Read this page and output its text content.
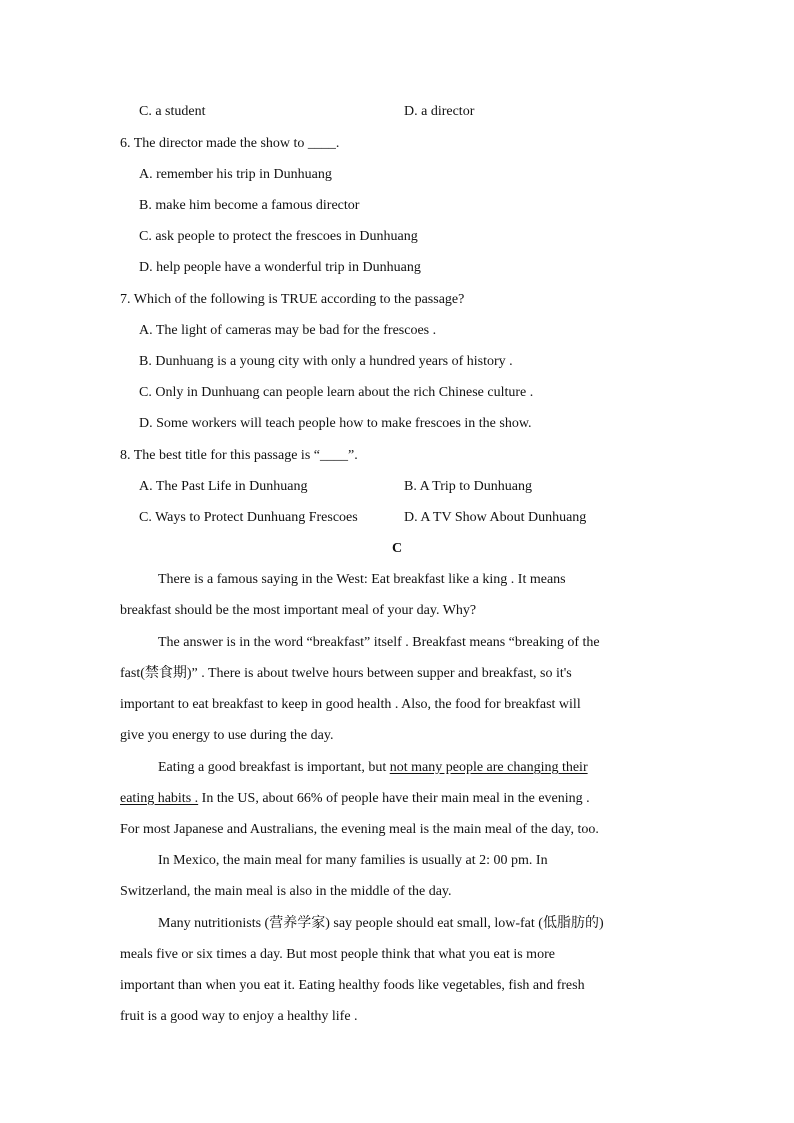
C. a student	D. a director
6. The director made the show to ____.
A. remember his trip in Dunhuang
B. make him become a famous director
C. ask people to protect the frescoes in Dunhuang
D. help people have a wonderful trip in Dunhuang
7. Which of the following is TRUE according to the passage?
A. The light of cameras may be bad for the frescoes .
B. Dunhuang is a young city with only a hundred years of history .
C. Only in Dunhuang can people learn about the rich Chinese culture .
D. Some workers will teach people how to make frescoes in the show.
8. The best title for this passage is “____”.
A. The Past Life in Dunhuang	B. A Trip to Dunhuang
C. Ways to Protect Dunhuang Frescoes	D. A TV Show About Dunhuang
C
There is a famous saying in the West: Eat breakfast like a king . It means
breakfast should be the most important meal of your day. Why?
The answer is in the word “breakfast” itself . Breakfast means “breaking of the
fast(禁食期)” . There is about twelve hours between supper and breakfast, so it's
important to eat breakfast to keep in good health . Also, the food for breakfast will
give you energy to use during the day.
Eating a good breakfast is important, but not many people are changing their
eating habits . In the US, about 66% of people have their main meal in the evening .
For most Japanese and Australians, the evening meal is the main meal of the day, too.
In Mexico, the main meal for many families is usually at 2: 00 pm. In
Switzerland, the main meal is also in the middle of the day.
Many nutritionists (营养学家) say people should eat small, low-fat (低脂肪的)
meals five or six times a day. But most people think that what you eat is more
important than when you eat it. Eating healthy foods like vegetables, fish and fresh
fruit is a good way to enjoy a healthy life .
